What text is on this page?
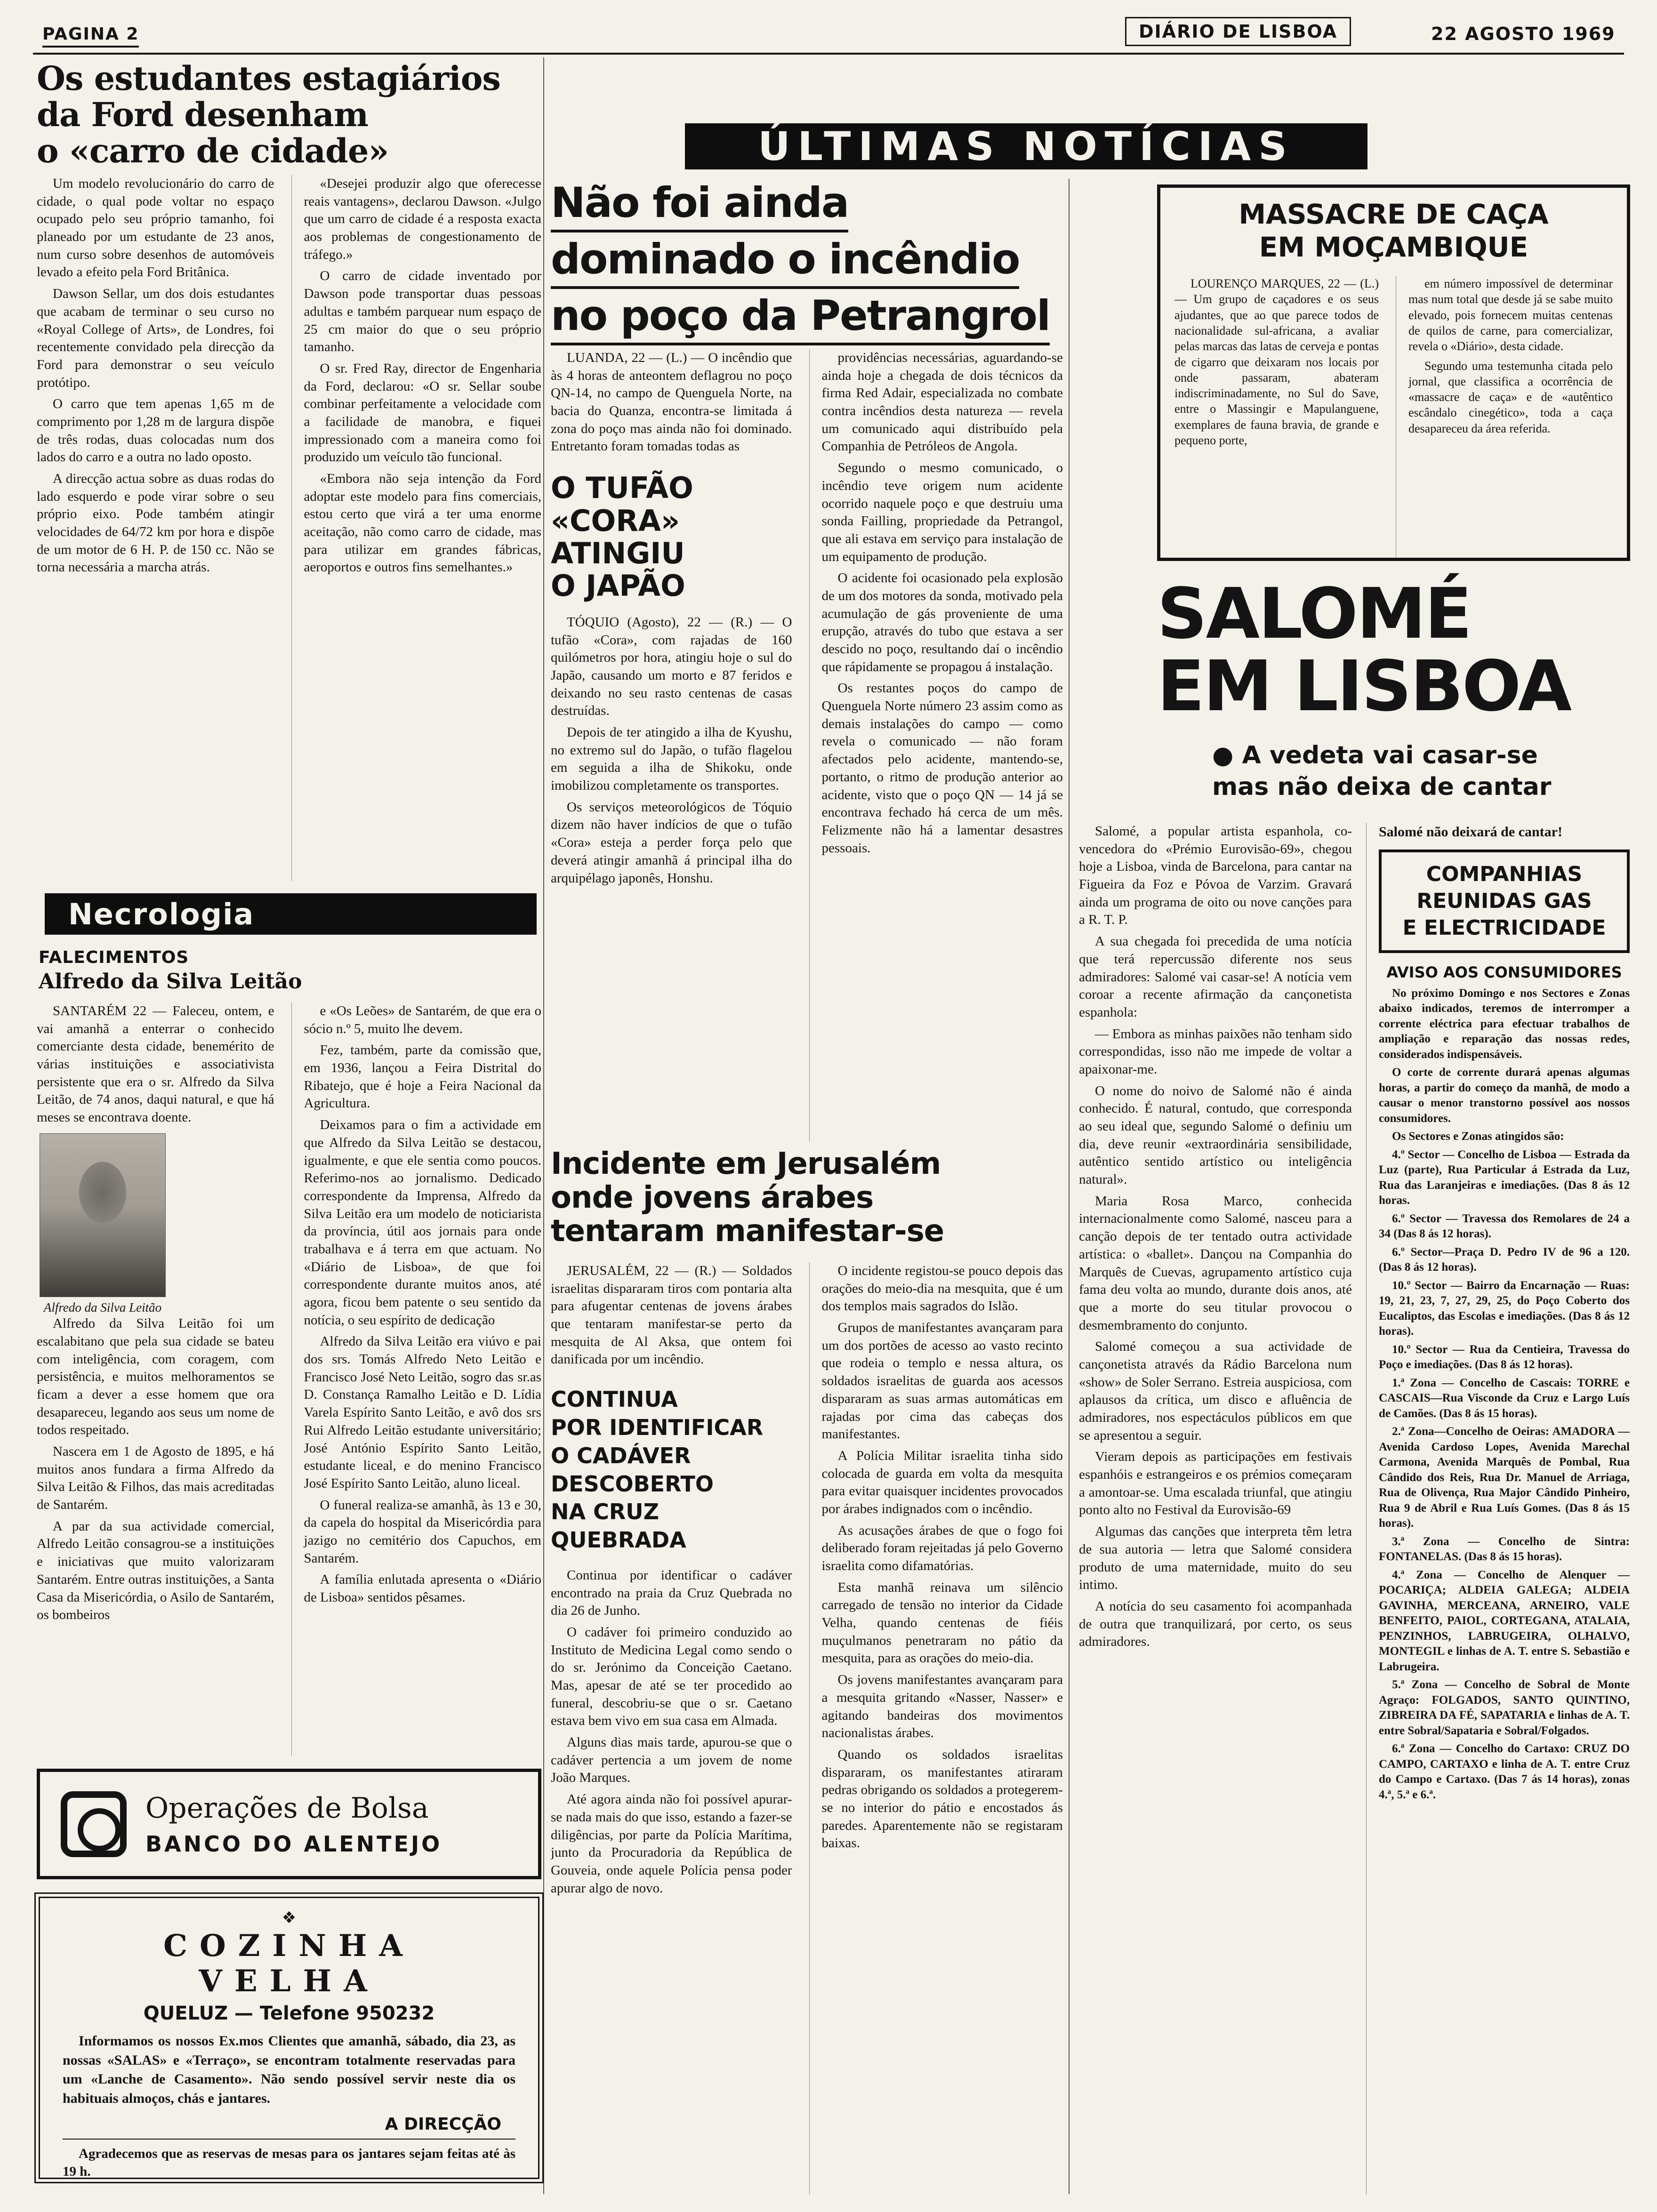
PAGINA 2	DIÁRIO DE LISBOA	22 AGOSTO 1969

Os estudantes estagiários

da Ford desenham

o «carro de cidade»

Um modelo revolucionário do carro de cidade, o qual pode voltar no espaço ocupado pelo seu próprio tamanho, foi planeado por um estudante de 23 anos, num curso sobre desenhos de automóveis levado a efeito pela Ford Britânica.

Dawson Sellar, um dos dois estudantes que acabam de terminar o seu curso no «Royal College of Arts», de Londres, foi recentemente convidado pela direcção da Ford para demonstrar o seu veículo protótipo.

O carro que tem apenas 1,65 m de comprimento por 1,28 m de largura dispõe de três rodas, duas colocadas num dos lados do carro e a outra no lado oposto.

A direcção actua sobre as duas rodas do lado esquerdo e pode virar sobre o seu próprio eixo. Pode também atingir velocidades de 64/72 km por hora e dispõe de um motor de 6 H. P. de 150 cc. Não se torna necessária a marcha atrás.

«Desejei produzir algo que oferecesse reais vantagens», declarou Dawson. «Julgo que um carro de cidade é a resposta exacta aos problemas de congestionamento de tráfego.»

O carro de cidade inventado por Dawson pode transportar duas pessoas adultas e também parquear num espaço de 25 cm maior do que o seu próprio tamanho.

O sr. Fred Ray, director de Engenharia da Ford, declarou: «O sr. Sellar soube combinar perfeitamente a velocidade com a facilidade de manobra, e fiquei impressionado com a maneira como foi produzido um veículo tão funcional.

«Embora não seja intenção da Ford adoptar este modelo para fins comerciais, estou certo que virá a ter uma enorme aceitação, não como carro de cidade, mas para utilizar em grandes fábricas, aeroportos e outros fins semelhantes.»

Necrologia
FALECIMENTOS
Alfredo da Silva Leitão

SANTARÉM 22 — Faleceu, ontem, e vai amanhã a enterrar o conhecido comerciante desta cidade, benemérito de várias instituições e associativista persistente que era o sr. Alfredo da Silva Leitão, de 74 anos, daqui natural, e que há meses se encontrava doente.

Alfredo da Silva Leitão

Alfredo da Silva Leitão foi um escalabitano que pela sua cidade se bateu com inteligência, com coragem, com persistência, e muitos melhoramentos se ficam a dever a esse homem que ora desapareceu, legando aos seus um nome de todos respeitado.

Nascera em 1 de Agosto de 1895, e há muitos anos fundara a firma Alfredo da Silva Leitão & Filhos, das mais acreditadas de Santarém.

A par da sua actividade comercial, Alfredo Leitão consagrou-se a instituições e iniciativas que muito valorizaram Santarém. Entre outras instituições, a Santa Casa da Misericórdia, o Asilo de Santarém, os bombeiros

e «Os Leões» de Santarém, de que era o sócio n.º 5, muito lhe devem.

Fez, também, parte da comissão que, em 1936, lançou a Feira Distrital do Ribatejo, que é hoje a Feira Nacional da Agricultura.

Deixamos para o fim a actividade em que Alfredo da Silva Leitão se destacou, igualmente, e que ele sentia como poucos. Referimo-nos ao jornalismo. Dedicado correspondente da Imprensa, Alfredo da Silva Leitão era um modelo de noticiarista da província, útil aos jornais para onde trabalhava e á terra em que actuam. No «Diário de Lisboa», de que foi correspondente durante muitos anos, até agora, ficou bem patente o seu sentido da notícia, o seu espírito de dedicação

Alfredo da Silva Leitão era viúvo e pai dos srs. Tomás Alfredo Neto Leitão e Francisco José Neto Leitão, sogro das sr.as D. Constança Ramalho Leitão e D. Lídia Varela Espírito Santo Leitão, e avô dos srs Rui Alfredo Leitão estudante universitário; José António Espírito Santo Leitão, estudante liceal, e do menino Francisco José Espírito Santo Leitão, aluno liceal.

O funeral realiza-se amanhã, às 13 e 30, da capela do hospital da Misericórdia para jazigo no cemitério dos Capuchos, em Santarém.

A família enlutada apresenta o «Diário de Lisboa» sentidos pêsames.

Operações de Bolsa
BANCO DO ALENTEJO
❖
COZINHA VELHA
QUELUZ — Telefone 950232
Informamos os nossos Ex.mos Clientes que amanhã, sábado, dia 23, as nossas «SALAS» e «Terraço», se encontram totalmente reservadas para um «Lanche de Casamento». Não sendo possível servir neste dia os habituais almoços, chás e jantares.
A DIRECÇÃO
Agradecemos que as reservas de mesas para os jantares sejam feitas até às 19 h.

ÚLTIMAS NOTÍCIAS

Não foi ainda

dominado o incêndio

no poço da Petrangrol

LUANDA, 22 — (L.) — O incêndio que às 4 horas de anteontem deflagrou no poço QN-14, no campo de Quenguela Norte, na bacia do Quanza, encontra-se limitada á zona do poço mas ainda não foi dominado. Entretanto foram tomadas todas as

O TUFÃO

«CORA»

ATINGIU

O JAPÃO

TÓQUIO (Agosto), 22 — (R.) — O tufão «Cora», com rajadas de 160 quilómetros por hora, atingiu hoje o sul do Japão, causando um morto e 87 feridos e deixando no seu rasto centenas de casas destruídas.

Depois de ter atingido a ilha de Kyushu, no extremo sul do Japão, o tufão flagelou em seguida a ilha de Shikoku, onde imobilizou completamente os transportes.

Os serviços meteorológicos de Tóquio dizem não haver indícios de que o tufão «Cora» esteja a perder força pelo que deverá atingir amanhã á principal ilha do arquipélago japonês, Honshu.

providências necessárias, aguardando-se ainda hoje a chegada de dois técnicos da firma Red Adair, especializada no combate contra incêndios desta natureza — revela um comunicado aqui distribuído pela Companhia de Petróleos de Angola.

Segundo o mesmo comunicado, o incêndio teve origem num acidente ocorrido naquele poço e que destruiu uma sonda Failling, propriedade da Petrangol, que ali estava em serviço para instalação de um equipamento de produção.

O acidente foi ocasionado pela explosão de um dos motores da sonda, motivado pela acumulação de gás proveniente de uma erupção, através do tubo que estava a ser descido no poço, resultando daí o incêndio que rápidamente se propagou á instalação.

Os restantes poços do campo de Quenguela Norte número 23 assim como as demais instalações do campo — como revela o comunicado — não foram afectados pelo acidente, mantendo-se, portanto, o ritmo de produção anterior ao acidente, visto que o poço QN — 14 já se encontrava fechado há cerca de um mês. Felizmente não há a lamentar desastres pessoais.

Incidente em Jerusalém

onde jovens árabes

tentaram manifestar-se

JERUSALÉM, 22 — (R.) — Soldados israelitas dispararam tiros com pontaria alta para afugentar centenas de jovens árabes que tentaram manifestar-se perto da mesquita de Al Aksa, que ontem foi danificada por um incêndio.

CONTINUA

POR IDENTIFICAR

O CADÁVER

DESCOBERTO

NA CRUZ QUEBRADA

Continua por identificar o cadáver encontrado na praia da Cruz Quebrada no dia 26 de Junho.

O cadáver foi primeiro conduzido ao Instituto de Medicina Legal como sendo o do sr. Jerónimo da Conceição Caetano. Mas, apesar de até se ter procedido ao funeral, descobriu-se que o sr. Caetano estava bem vivo em sua casa em Almada.

Alguns dias mais tarde, apurou-se que o cadáver pertencia a um jovem de nome João Marques.

Até agora ainda não foi possível apurar-se nada mais do que isso, estando a fazer-se diligências, por parte da Polícia Marítima, junto da Procuradoria da República de Gouveia, onde aquele Polícia pensa poder apurar algo de novo.

O incidente registou-se pouco depois das orações do meio-dia na mesquita, que é um dos templos mais sagrados do Islão.

Grupos de manifestantes avançaram para um dos portões de acesso ao vasto recinto que rodeia o templo e nessa altura, os soldados israelitas de guarda aos acessos dispararam as suas armas automáticas em rajadas por cima das cabeças dos manifestantes.

A Polícia Militar israelita tinha sido colocada de guarda em volta da mesquita para evitar quaisquer incidentes provocados por árabes indignados com o incêndio.

As acusações árabes de que o fogo foi deliberado foram rejeitadas já pelo Governo israelita como difamatórias.

Esta manhã reinava um silêncio carregado de tensão no interior da Cidade Velha, quando centenas de fiéis muçulmanos penetraram no pátio da mesquita, para as orações do meio-dia.

Os jovens manifestantes avançaram para a mesquita gritando «Nasser, Nasser» e agitando bandeiras dos movimentos nacionalistas árabes.

Quando os soldados israelitas dispararam, os manifestantes atiraram pedras obrigando os soldados a protegerem-se no interior do pátio e encostados ás paredes. Aparentemente não se registaram baixas.

MASSACRE DE CAÇA

EM MOÇAMBIQUE

LOURENÇO MARQUES, 22 — (L.) — Um grupo de caçadores e os seus ajudantes, que ao que parece todos de nacionalidade sul-africana, a avaliar pelas marcas das latas de cerveja e pontas de cigarro que deixaram nos locais por onde passaram, abateram indiscriminadamente, no Sul do Save, entre o Massingir e Mapulanguene, exemplares de fauna bravia, de grande e pequeno porte,

em número impossível de determinar mas num total que desde já se sabe muito elevado, pois fornecem muitas centenas de quilos de carne, para comercializar, revela o «Diário», desta cidade.

Segundo uma testemunha citada pelo jornal, que classifica a ocorrência de «massacre de caça» e de «autêntico escândalo cinegético», toda a caça desapareceu da área referida.

SALOMÉ

EM LISBOA

● A vedeta vai casar-se

mas não deixa de cantar

Salomé, a popular artista espanhola, co-vencedora do «Prémio Eurovisão-69», chegou hoje a Lisboa, vinda de Barcelona, para cantar na Figueira da Foz e Póvoa de Varzim. Gravará ainda um programa de oito ou nove canções para a R. T. P.

A sua chegada foi precedida de uma notícia que terá repercussão diferente nos seus admiradores: Salomé vai casar-se! A notícia vem coroar a recente afirmação da cançonetista espanhola:

— Embora as minhas paixões não tenham sido correspondidas, isso não me impede de voltar a apaixonar-me.

O nome do noivo de Salomé não é ainda conhecido. É natural, contudo, que corresponda ao seu ideal que, segundo Salomé o definiu um dia, deve reunir «extraordinária sensibilidade, autêntico sentido artístico ou inteligência natural».

Maria Rosa Marco, conhecida internacionalmente como Salomé, nasceu para a canção depois de ter tentado outra actividade artística: o «ballet». Dançou na Companhia do Marquês de Cuevas, agrupamento artístico cuja fama deu volta ao mundo, durante dois anos, até que a morte do seu titular provocou o desmembramento do conjunto.

Salomé começou a sua actividade de cançonetista através da Rádio Barcelona num «show» de Soler Serrano. Estreia auspiciosa, com aplausos da crítica, um disco e afluência de admiradores, nos espectáculos públicos em que se apresentou a seguir.

Vieram depois as participações em festivais espanhóis e estrangeiros e os prémios começaram a amontoar-se. Uma escalada triunfal, que atingiu ponto alto no Festival da Eurovisão-69

Algumas das canções que interpreta têm letra de sua autoria — letra que Salomé considera produto de uma maternidade, muito do seu intimo.

A notícia do seu casamento foi acompanhada de outra que tranquilizará, por certo, os seus admiradores.

Salomé não deixará de cantar!

COMPANHIAS

REUNIDAS GAS

E ELECTRICIDADE

AVISO AOS CONSUMIDORES

No próximo Domingo e nos Sectores e Zonas abaixo indicados, teremos de interromper a corrente eléctrica para efectuar trabalhos de ampliação e reparação das nossas redes, considerados indispensáveis.

O corte de corrente durará apenas algumas horas, a partir do começo da manhã, de modo a causar o menor transtorno possível aos nossos consumidores.

Os Sectores e Zonas atingidos são:

4.º Sector — Concelho de Lisboa — Estrada da Luz (parte), Rua Particular á Estrada da Luz, Rua das Laranjeiras e imediações. (Das 8 ás 12 horas.

6.º Sector — Travessa dos Remolares de 24 a 34 (Das 8 ás 12 horas).

6.º Sector—Praça D. Pedro IV de 96 a 120. (Das 8 ás 12 horas).

10.º Sector — Bairro da Encarnação — Ruas: 19, 21, 23, 7, 27, 29, 25, do Poço Coberto dos Eucaliptos, das Escolas e imediações. (Das 8 ás 12 horas).

10.º Sector — Rua da Centieira, Travessa do Poço e imediações. (Das 8 ás 12 horas).

1.ª Zona — Concelho de Cascais: TORRE e CASCAIS—Rua Visconde da Cruz e Largo Luís de Camões. (Das 8 ás 15 horas).

2.ª Zona—Concelho de Oeiras: AMADORA — Avenida Cardoso Lopes, Avenida Marechal Carmona, Avenida Marquês de Pombal, Rua Cândido dos Reis, Rua Dr. Manuel de Arriaga, Rua de Olivença, Rua Major Cândido Pinheiro, Rua 9 de Abril e Rua Luís Gomes. (Das 8 ás 15 horas).

3.ª Zona — Concelho de Sintra: FONTANELAS. (Das 8 ás 15 horas).

4.ª Zona — Concelho de Alenquer — POCARIÇA; ALDEIA GALEGA; ALDEIA GAVINHA, MERCEANA, ARNEIRO, VALE BENFEITO, PAIOL, CORTEGANA, ATALAIA, PENZINHOS, LABRUGEIRA, OLHALVO, MONTEGIL e linhas de A. T. entre S. Sebastião e Labrugeira.

5.ª Zona — Concelho de Sobral de Monte Agraço: FOLGADOS, SANTO QUINTINO, ZIBREIRA DA FÉ, SAPATARIA e linhas de A. T. entre Sobral/Sapataria e Sobral/Folgados.

6.ª Zona — Concelho do Cartaxo: CRUZ DO CAMPO, CARTAXO e linha de A. T. entre Cruz do Campo e Cartaxo. (Das 7 ás 14 horas), zonas 4.ª, 5.ª e 6.ª.
